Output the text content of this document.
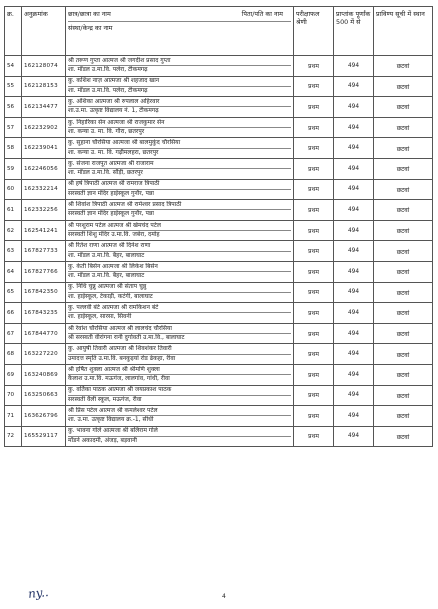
क्र.	अनुक्रमांक	छात्र/छात्रा का नाम पिता/पति का नाम
संस्था/केन्द्र का नाम	परीक्षाफल श्रेणी	प्राप्तांक पूर्णांक 500 में से	प्राविण्य सूची में स्थान
54	162128074	श्री तरूण गुप्ता आत्मज श्री जगदीश प्रसाद गुप्ता
शा. मॉडल उ.मा.वि. पलेरा, टीकमगढ़	प्रथम	494	छटवां
55	162128153	कु. कशिश नाज़ आत्मजा श्री शहजाद खान
शा. मॉडल उ.मा.वि. पलेरा, टीकमगढ़	प्रथम	494	छटवां
56	162134477	कु. अंशिका आत्मजा श्री रुपलाल अहिरवार
शा.उ.मा. उत्कृष्ट विद्यालय नं. 1, टीकमगढ़	प्रथम	494	छटवां
57	162232902	कु. निहारिका सेन आत्मजा श्री राजकुमार सेन
शा. कन्या उ. मा. वि. गौरा, छतरपुर	प्रथम	494	छटवां
58	162239041	कु. सुहाना चौरसिया आत्मजा श्री बालमुकुंद चौरसिया
शा. कन्या उ. मा. वि. गढ़ीमलहरा, छतरपुर	प्रथम	494	छटवां
59	162246056	कु. संजना राजपूत आत्मजा श्री राजाराम
शा. मॉडल उ.मा.वि. सौंड़ी, छतरपुर	प्रथम	494	छटवां
60	162332214	श्री हर्ष त्रिपाठी आत्मज श्री रामराज त्रिपाठी
सरस्वती ज्ञान मंदिर हाईस्कूल गुनौर, पन्ना	प्रथम	494	छटवां
61	162332256	श्री शिवांश त्रिपाठी आत्मज श्री रामेश्वर प्रसाद त्रिपाठी
सरस्वती ज्ञान मंदिर हाईस्कूल गुनौर, पन्ना	प्रथम	494	छटवां
62	162541241	श्री परशुराम पटेल आत्मज श्री खेमचंद पटेल
सरस्वती शिशु मंदिर उ.मा.वि. जबेरा, दमोह	प्रथम	494	छटवां
63	167827733	श्री रितेश राणा आत्मज श्री दिनेश राणा
शा. मॉडल उ.मा.वि. बैहर, बालाघाट	प्रथम	494	छटवां
64	167827766	कु. केती बिसेन आत्मजा श्री लिकेश बिसेन
शा. मॉडल उ.मा.वि. बैहर, बालाघाट	प्रथम	494	छटवां
65	167842350	कु. निधि चुन्नु आत्मजा श्री संताप चुन्नु
शा. हाईस्कूल, टेकाड़ी, कटंगी, बालाघाट	प्रथम	494	छटवां
66	167843235	कु. पल्लवी बंटे आत्मजा श्री रामकिशन बंटे
शा. हाईस्कूल, सारसा, सिवनी	प्रथम	494	छटवां
67	167844770	श्री रेवांश चौरसिया आत्मज श्री लालचंद चौरसिया
श्री सरस्वती वीरांगना रानी दुर्गावती उ.मा.वि., बालाघाट	प्रथम	494	छटवां
68	163227220	कु. आयुषी तिवारी आत्मजा श्री शिवशंकर तिवारी
उमादत्त स्मृति उ.मा.वि. बनकुइयां रोड ढेकहा, रीवा	प्रथम	494	छटवां
69	163240869	श्री हर्षित शुक्ला आत्मज श्री श्रीमणि शुक्ला
कैलाश उ.मा.वि. मऊगंज, लालगांव, गांधी, रीवा	प्रथम	494	छटवां
70	163250663	कु. वर्तिका पाठक आत्मजा श्री जयप्रकाश पाठक
सरस्वती वैली स्कूल, मऊगंज, रीवा	प्रथम	494	छटवां
71	163626796	श्री प्रिंस पटेल आत्मज श्री कमलेश्वर पटेल
शा. उ.मा. उत्कृष्ट विद्यालय क्र.-1, सीधी	प्रथम	494	छटवां
72	165529117	कु. भावना गोले आत्मजा श्री बलिराम गोले
मॉडर्न अकादमी, अंजड़, बड़वानी	प्रथम	494	छटवां
ny..	4
